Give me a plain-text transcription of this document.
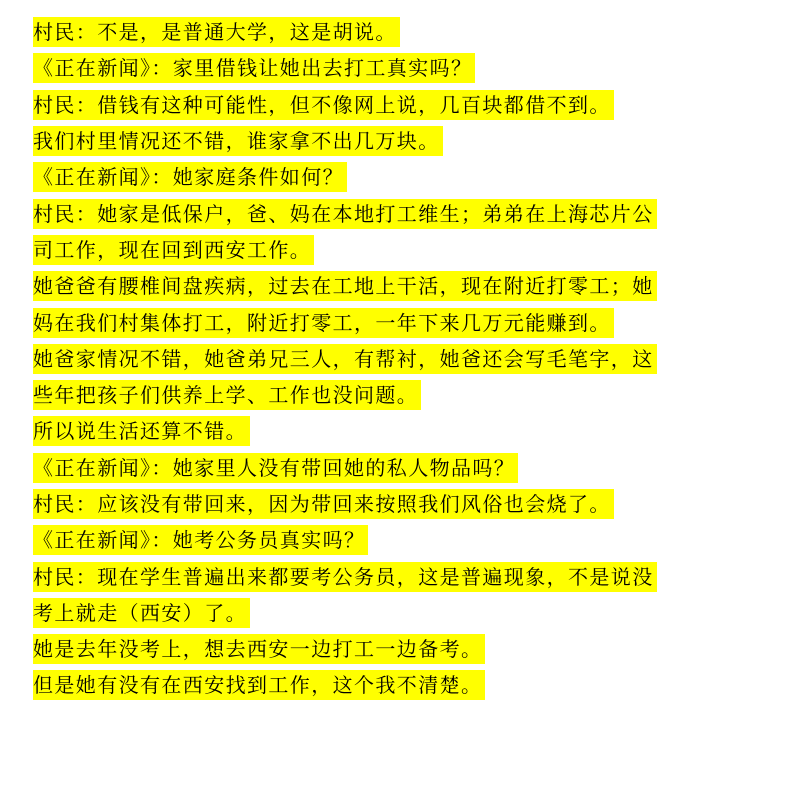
村民：不是，是普通大学，这是胡说。
《正在新闻》：家里借钱让她出去打工真实吗？
村民：借钱有这种可能性，但不像网上说，几百块都借不到。
我们村里情况还不错，谁家拿不出几万块。
《正在新闻》：她家庭条件如何？
村民：她家是低保户，爸、妈在本地打工维生；弟弟在上海芯片公
司工作，现在回到西安工作。
她爸爸有腰椎间盘疾病，过去在工地上干活，现在附近打零工；她
妈在我们村集体打工，附近打零工，一年下来几万元能赚到。
她爸家情况不错，她爸弟兄三人，有帮衬，她爸还会写毛笔字，这
些年把孩子们供养上学、工作也没问题。
所以说生活还算不错。
《正在新闻》：她家里人没有带回她的私人物品吗？
村民：应该没有带回来，因为带回来按照我们风俗也会烧了。
《正在新闻》：她考公务员真实吗？
村民：现在学生普遍出来都要考公务员，这是普遍现象，不是说没
考上就走（西安）了。
她是去年没考上，想去西安一边打工一边备考。
但是她有没有在西安找到工作，这个我不清楚。
